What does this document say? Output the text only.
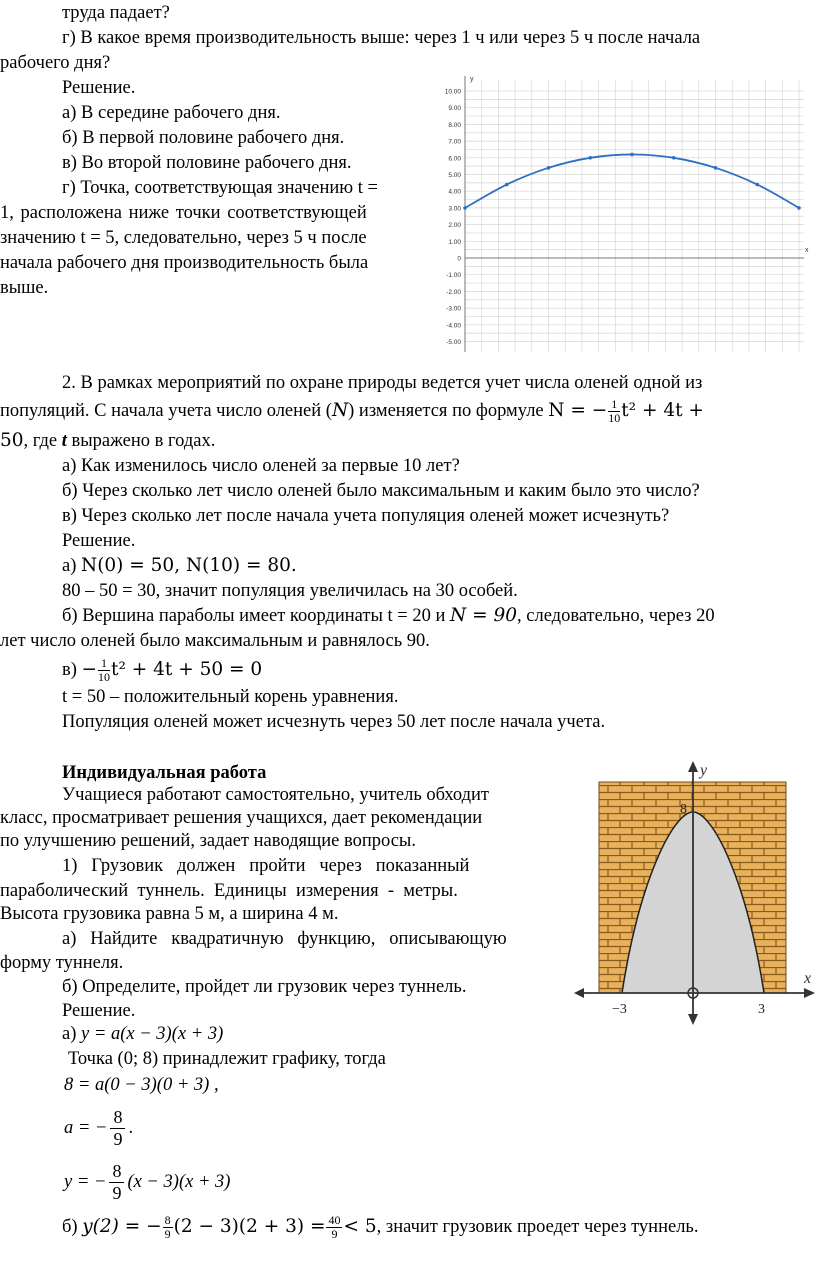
труда падает?
г) В какое время производительность выше: через 1 ч или через 5 ч после начала
рабочего дня?
Решение.
а) В середине рабочего дня.
б) В первой половине рабочего дня.
в) Во второй половине рабочего дня.
г) Точка, соответствующая значению t =
1, расположена ниже точки соответствующей
значению t = 5, следовательно, через 5 ч после
начала рабочего дня производительность была
выше.
10.00
9.00
8.00
7.00
6.00
5.00
4.00
3.00
2.00
1.00
0
-1.00
-2.00
-3.00
-4.00
-5.00
y
x
2. В рамках мероприятий по охране природы ведется учет числа оленей одной из
популяций. С начала учета число оленей (N) изменяется по формуле N = − $\frac{1}{10} t^2 + 4t$ +
50, где t выражено в годах.
а) Как изменилось число оленей за первые 10 лет?
б) Через сколько лет число оленей было максимальным и каким было это число?
в) Через сколько лет после начала учета популяция оленей может исчезнуть?
Решение.
а) N(0) = 50, N(10) = 80.
80 – 50 = 30, значит популяция увеличилась на 30 особей.
б) Вершина параболы имеет координаты t = 20 и N = 90, следовательно, через 20
лет число оленей было максимальным и равнялось 90.
$в) - \frac{1}{10} t^2 + 4t + 50 = 0$
t = 50 – положительный корень уравнения.
Популяция оленей может исчезнуть через 50 лет после начала учета.
Индивидуальная работа
Учащиеся работают самостоятельно, учитель обходит
класс, просматривает решения учащихся, дает рекомендации
по улучшению решений, задает наводящие вопросы.
1)   Грузовик   должен   пройти   через   показанный
параболический  туннель.  Единицы  измерения  -  метры.
Высота грузовика равна 5 м, а ширина 4 м.
а)   Найдите   квадратичную   функцию,   описывающую
форму туннеля.
б) Определите, пройдет ли грузовик через туннель.
Решение.
а) y = a(x − 3)(x + 3)
Точка (0; 8) принадлежит графику, тогда
8 = a(0 − 3)(0 + 3) ,
a = − $\frac{8}{9}$ .
y = − $\frac{8}{9} (x - 3)(x + 3)$
б) y(2) = − $\frac{8}{9} (2 - 3)(2 + 3) = \frac{40}{9} < 5$, значит грузовик проедет через туннель.
y
x
8
−3	3
